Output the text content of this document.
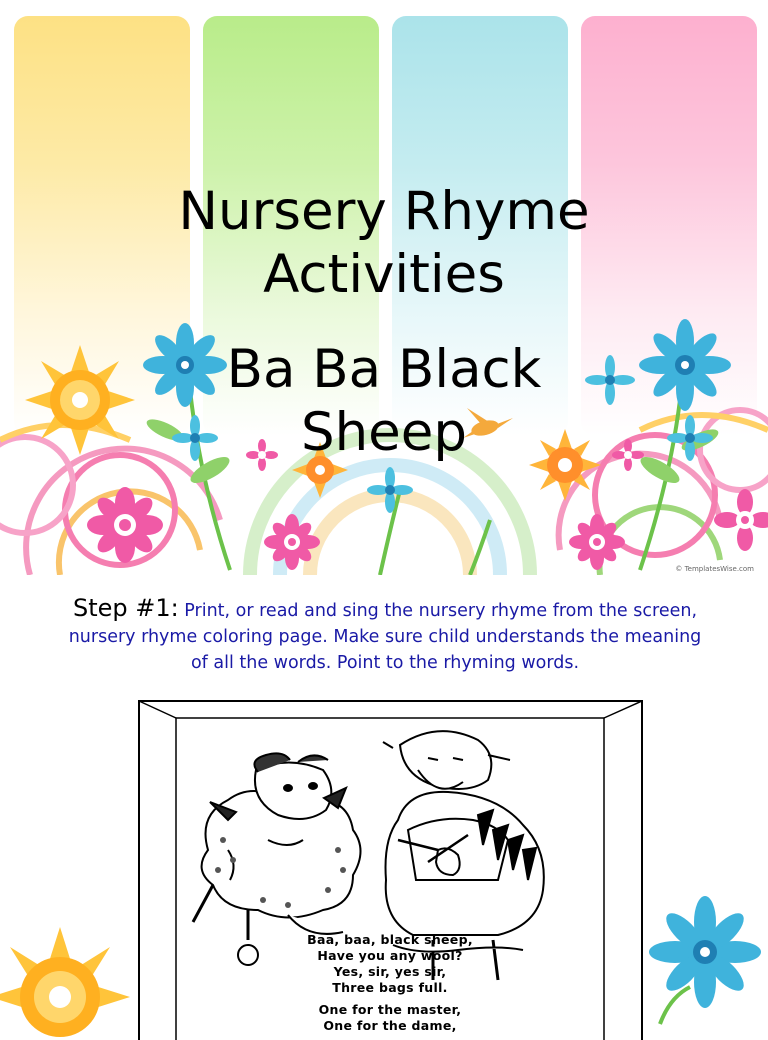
Nursery Rhyme
Activities
Ba Ba Black
Sheep
© TemplatesWise.com
Step #1: Print, or read and sing the nursery rhyme from the screen, nursery rhyme coloring page. Make sure child understands the meaning of all the words. Point to the rhyming words.
Baa, baa, black sheep,
Have you any wool?
Yes, sir, yes sir,
Three bags full.
One for the master,
One for the dame,
